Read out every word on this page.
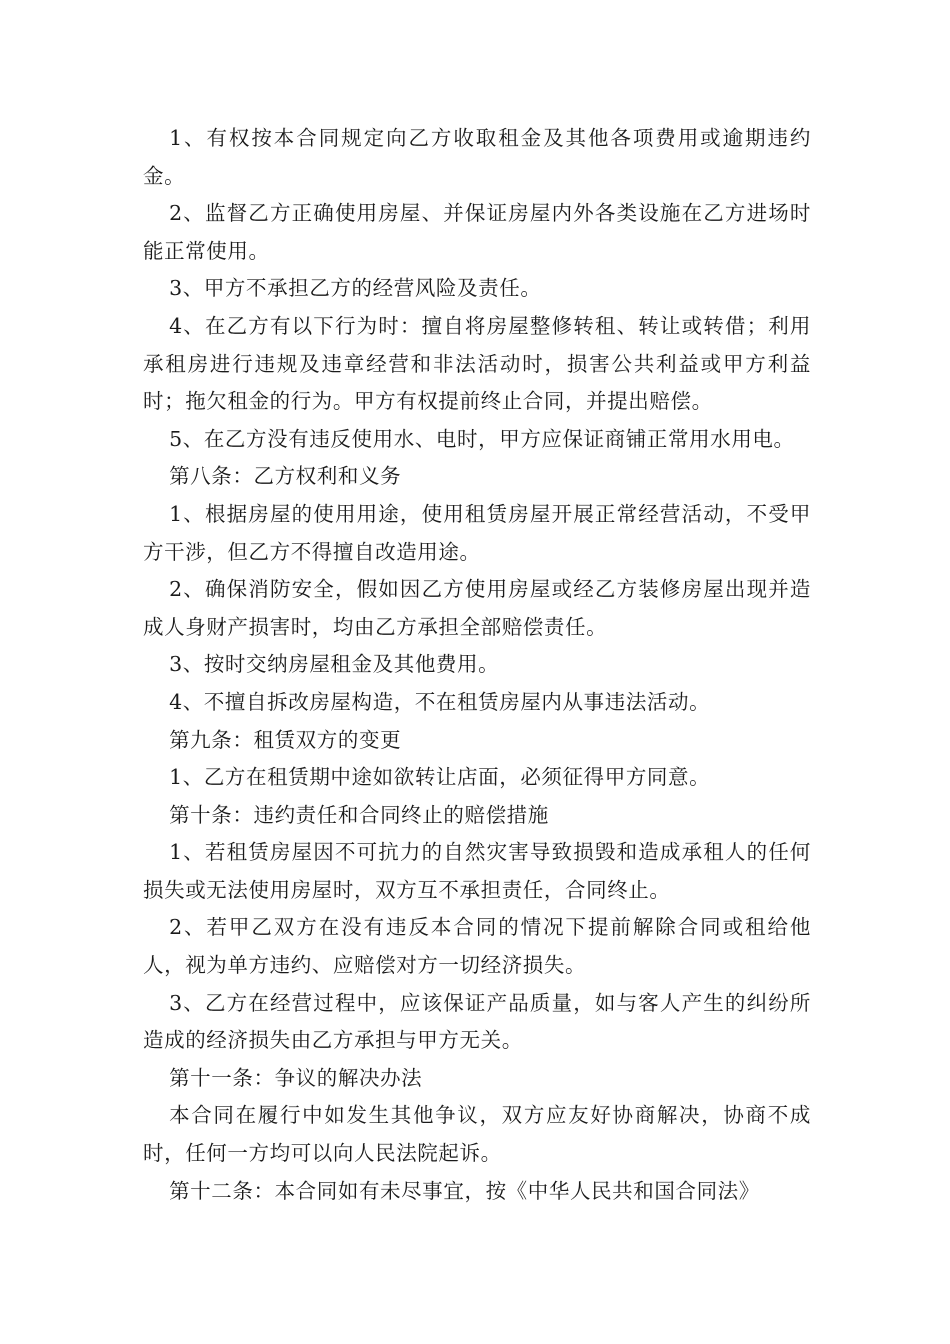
1、有权按本合同规定向乙方收取租金及其他各项费用或逾期违约金。

2、监督乙方正确使用房屋、并保证房屋内外各类设施在乙方进场时能正常使用。

3、甲方不承担乙方的经营风险及责任。

4、在乙方有以下行为时：擅自将房屋整修转租、转让或转借；利用承租房进行违规及违章经营和非法活动时，损害公共利益或甲方利益时；拖欠租金的行为。甲方有权提前终止合同，并提出赔偿。

5、在乙方没有违反使用水、电时，甲方应保证商铺正常用水用电。

第八条：乙方权利和义务

1、根据房屋的使用用途，使用租赁房屋开展正常经营活动，不受甲方干涉，但乙方不得擅自改造用途。

2、确保消防安全，假如因乙方使用房屋或经乙方装修房屋出现并造成人身财产损害时，均由乙方承担全部赔偿责任。

3、按时交纳房屋租金及其他费用。

4、不擅自拆改房屋构造，不在租赁房屋内从事违法活动。

第九条：租赁双方的变更

1、乙方在租赁期中途如欲转让店面，必须征得甲方同意。

第十条：违约责任和合同终止的赔偿措施

1、若租赁房屋因不可抗力的自然灾害导致损毁和造成承租人的任何损失或无法使用房屋时，双方互不承担责任，合同终止。

2、若甲乙双方在没有违反本合同的情况下提前解除合同或租给他人，视为单方违约、应赔偿对方一切经济损失。

3、乙方在经营过程中，应该保证产品质量，如与客人产生的纠纷所造成的经济损失由乙方承担与甲方无关。

第十一条：争议的解决办法

本合同在履行中如发生其他争议，双方应友好协商解决，协商不成时，任何一方均可以向人民法院起诉。

第十二条：本合同如有未尽事宜，按《中华人民共和国合同法》
